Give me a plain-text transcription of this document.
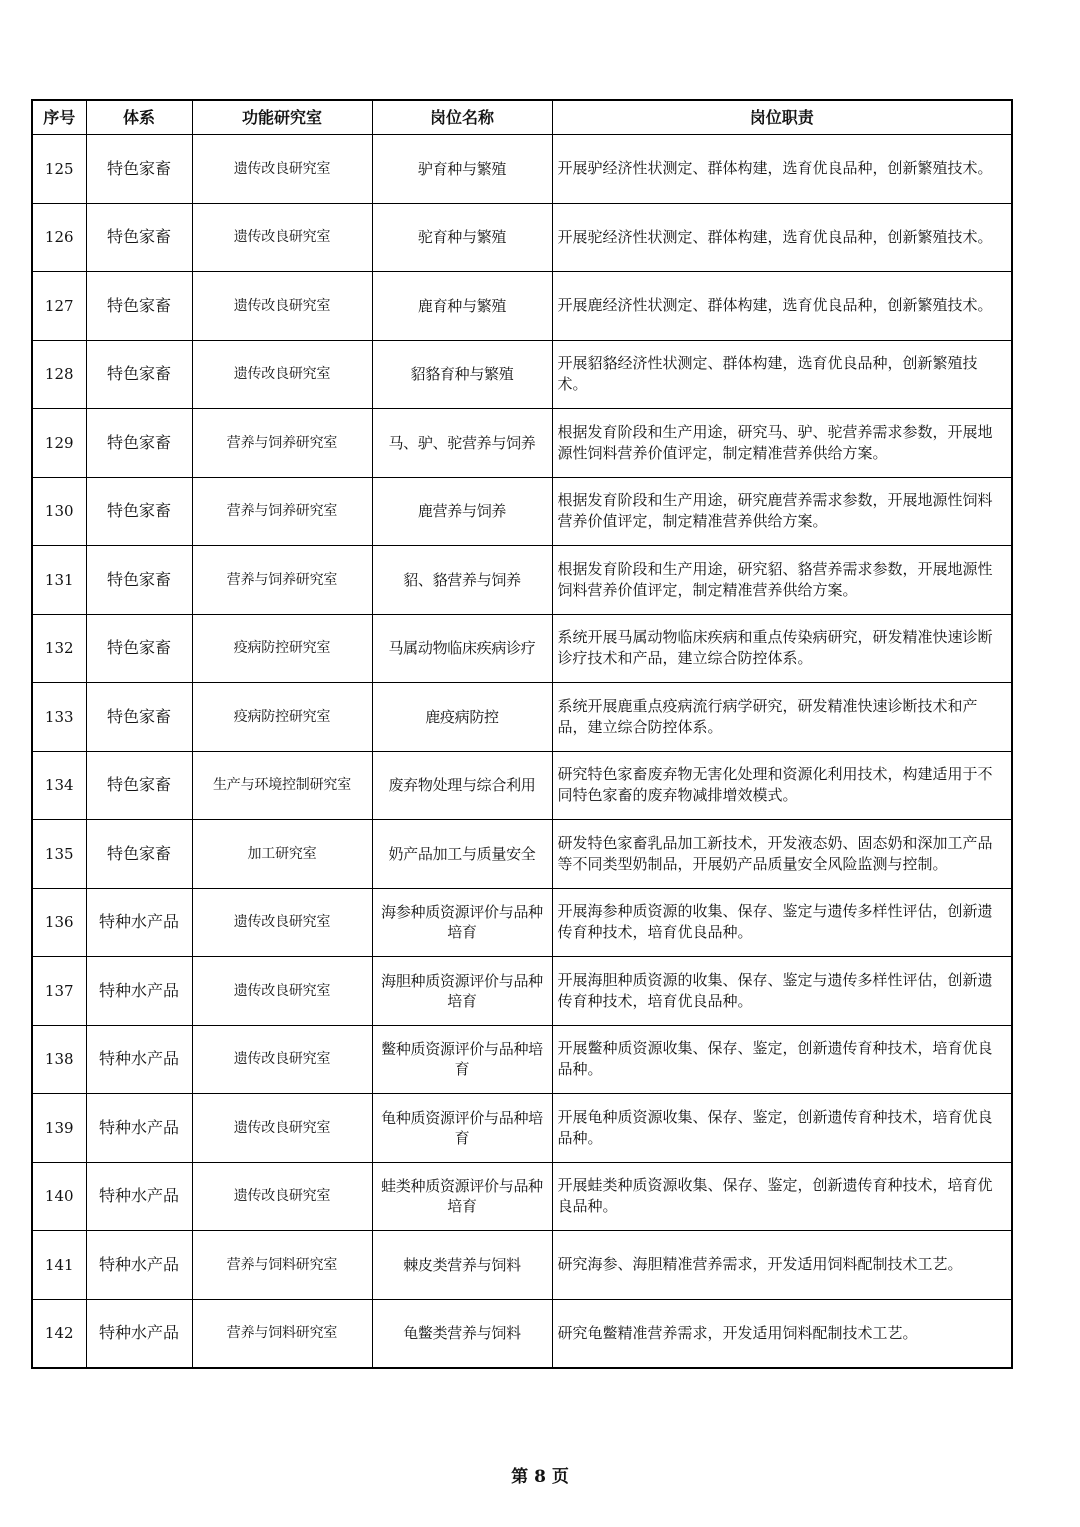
序号	体系	功能研究室	岗位名称	岗位职责

125	特色家畜	遗传改良研究室	驴育种与繁殖	开展驴经济性状测定、群体构建，选育优良品种，创新繁殖技术。

126	特色家畜	遗传改良研究室	驼育种与繁殖	开展驼经济性状测定、群体构建，选育优良品种，创新繁殖技术。

127	特色家畜	遗传改良研究室	鹿育种与繁殖	开展鹿经济性状测定、群体构建，选育优良品种，创新繁殖技术。

128	特色家畜	遗传改良研究室	貂貉育种与繁殖	开展貂貉经济性状测定、群体构建，选育优良品种，创新繁殖技术。

129	特色家畜	营养与饲养研究室	马、驴、驼营养与饲养	根据发育阶段和生产用途，研究马、驴、驼营养需求参数，开展地源性饲料营养价值评定，制定精准营养供给方案。

130	特色家畜	营养与饲养研究室	鹿营养与饲养	根据发育阶段和生产用途，研究鹿营养需求参数，开展地源性饲料营养价值评定，制定精准营养供给方案。

131	特色家畜	营养与饲养研究室	貂、貉营养与饲养	根据发育阶段和生产用途，研究貂、貉营养需求参数，开展地源性饲料营养价值评定，制定精准营养供给方案。

132	特色家畜	疫病防控研究室	马属动物临床疾病诊疗	系统开展马属动物临床疾病和重点传染病研究，研发精准快速诊断诊疗技术和产品，建立综合防控体系。

133	特色家畜	疫病防控研究室	鹿疫病防控	系统开展鹿重点疫病流行病学研究，研发精准快速诊断技术和产品，建立综合防控体系。

134	特色家畜	生产与环境控制研究室	废弃物处理与综合利用	研究特色家畜废弃物无害化处理和资源化利用技术，构建适用于不同特色家畜的废弃物减排增效模式。

135	特色家畜	加工研究室	奶产品加工与质量安全	研发特色家畜乳品加工新技术，开发液态奶、固态奶和深加工产品等不同类型奶制品，开展奶产品质量安全风险监测与控制。

136	特种水产品	遗传改良研究室	海参种质资源评价与品种培育	开展海参种质资源的收集、保存、鉴定与遗传多样性评估，创新遗传育种技术，培育优良品种。

137	特种水产品	遗传改良研究室	海胆种质资源评价与品种培育	开展海胆种质资源的收集、保存、鉴定与遗传多样性评估，创新遗传育种技术，培育优良品种。

138	特种水产品	遗传改良研究室	鳖种质资源评价与品种培育	开展鳖种质资源收集、保存、鉴定，创新遗传育种技术，培育优良品种。

139	特种水产品	遗传改良研究室	龟种质资源评价与品种培育	开展龟种质资源收集、保存、鉴定，创新遗传育种技术，培育优良品种。

140	特种水产品	遗传改良研究室	蛙类种质资源评价与品种培育	开展蛙类种质资源收集、保存、鉴定，创新遗传育种技术，培育优良品种。

141	特种水产品	营养与饲料研究室	棘皮类营养与饲料	研究海参、海胆精准营养需求，开发适用饲料配制技术工艺。

142	特种水产品	营养与饲料研究室	龟鳖类营养与饲料	研究龟鳖精准营养需求，开发适用饲料配制技术工艺。
第 8 页
